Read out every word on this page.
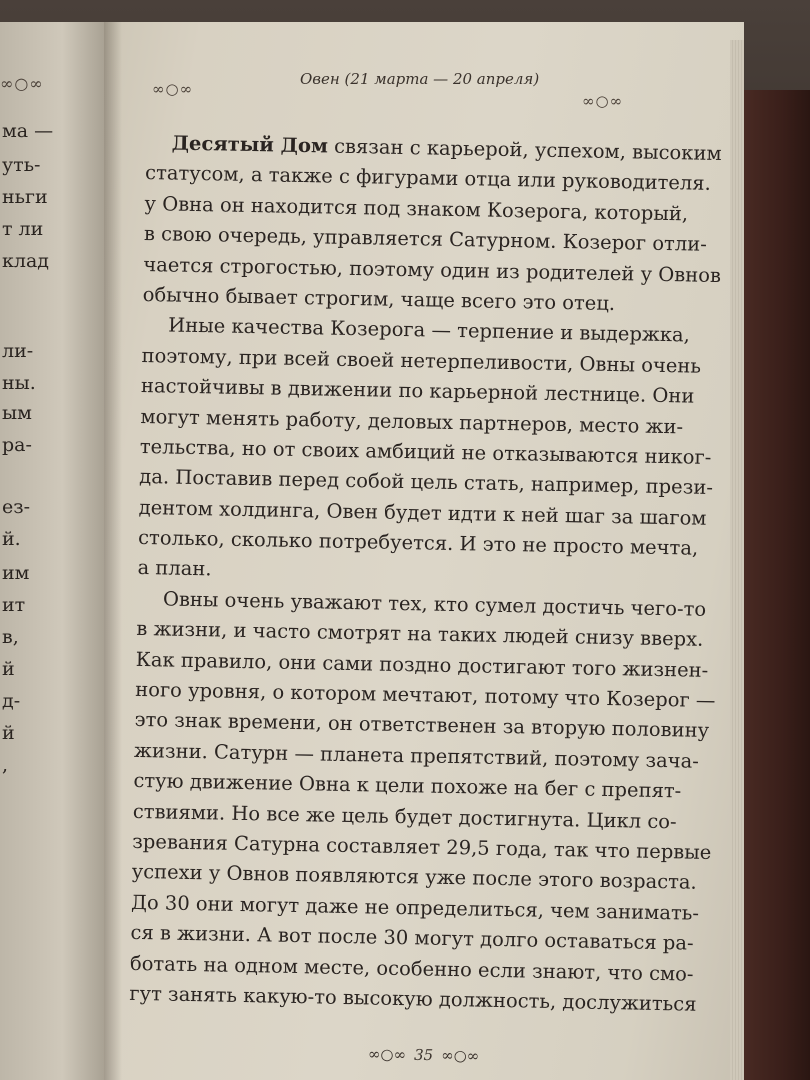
∞○∞
ма —
уть-
ньги
т ли
клад
ли-
ны.
ым
ра-
ез-
й.
им
ит
в,
й
д-
й
,
∞○∞
Овен (21 марта — 20 апреля)
∞○∞
Десятый Дом связан с карьерой, успехом, высоким
статусом, а также с фигурами отца или руководителя.
у Овна он находится под знаком Козерога, который,
в свою очередь, управляется Сатурном. Козерог отли-
чается строгостью, поэтому один из родителей у Овнов
обычно бывает строгим, чаще всего это отец.
Иные качества Козерога — терпение и выдержка,
поэтому, при всей своей нетерпеливости, Овны очень
настойчивы в движении по карьерной лестнице. Они
могут менять работу, деловых партнеров, место жи-
тельства, но от своих амбиций не отказываются никог-
да. Поставив перед собой цель стать, например, прези-
дентом холдинга, Овен будет идти к ней шаг за шагом
столько, сколько потребуется. И это не просто мечта,
а план.
Овны очень уважают тех, кто сумел достичь чего-то
в жизни, и часто смотрят на таких людей снизу вверх.
Как правило, они сами поздно достигают того жизнен-
ного уровня, о котором мечтают, потому что Козерог —
это знак времени, он ответственен за вторую половину
жизни. Сатурн — планета препятствий, поэтому зача-
стую движение Овна к цели похоже на бег с препят-
ствиями. Но все же цель будет достигнута. Цикл со-
зревания Сатурна составляет 29,5 года, так что первые
успехи у Овнов появляются уже после этого возраста.
До 30 они могут даже не определиться, чем занимать-
ся в жизни. А вот после 30 могут долго оставаться ра-
ботать на одном месте, особенно если знают, что смо-
гут занять какую-то высокую должность, дослужиться
∞○∞ 35 ∞○∞
